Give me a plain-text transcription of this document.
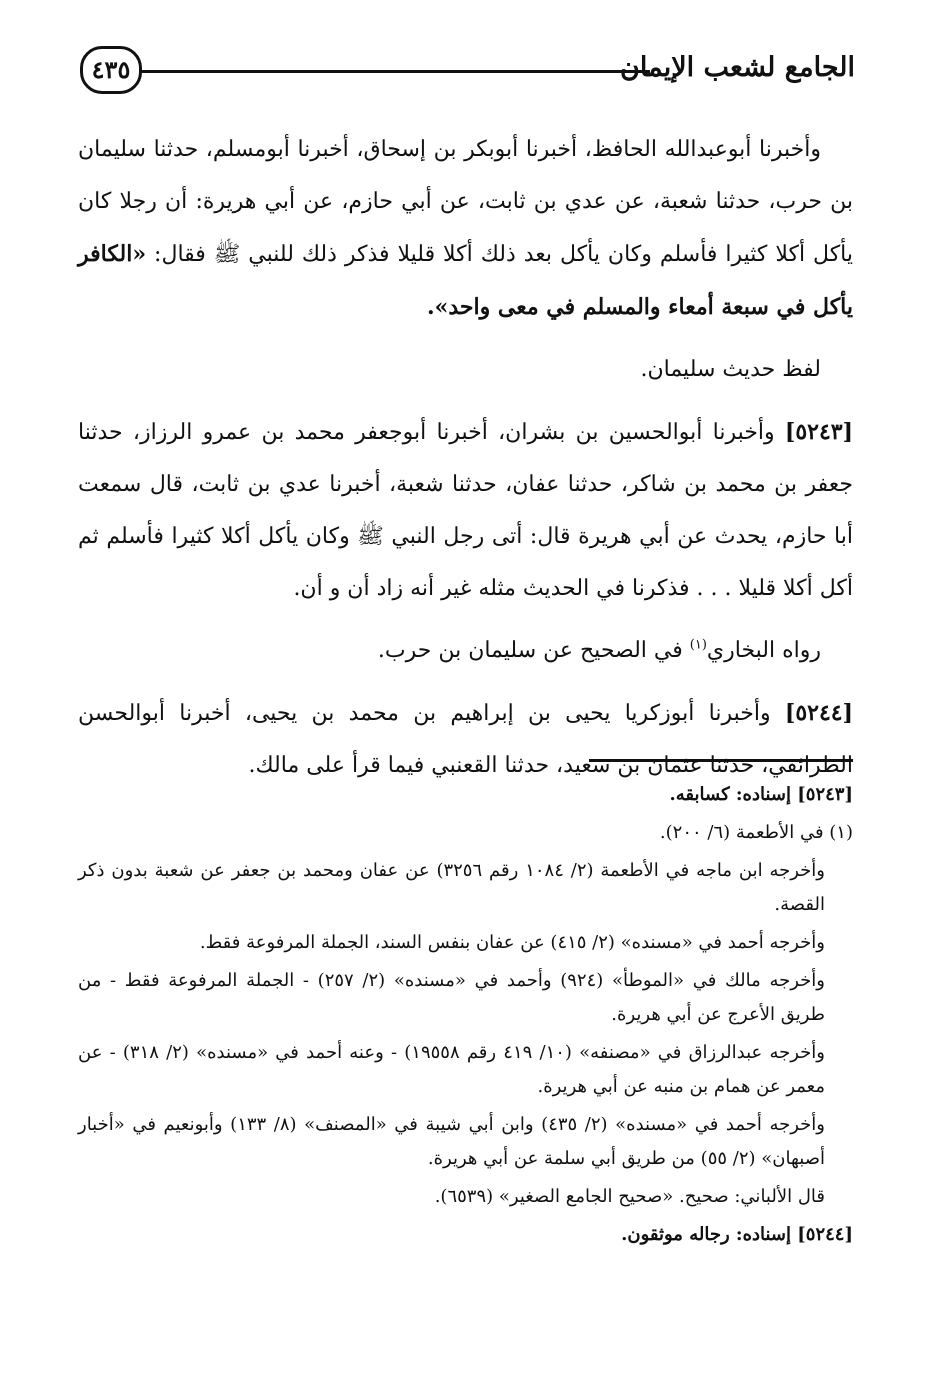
الجامع لشعب الإيمان
٤٣٥

وأخبرنا أبوعبدالله الحافظ، أخبرنا أبوبكر بن إسحاق، أخبرنا أبومسلم، حدثنا سليمان بن حرب، حدثنا شعبة، عن عدي بن ثابت، عن أبي حازم، عن أبي هريرة: أن رجلا كان يأكل أكلا كثيرا فأسلم وكان يأكل بعد ذلك أكلا قليلا فذكر ذلك للنبي ﷺ فقال: «الكافر يأكل في سبعة أمعاء والمسلم في معى واحد».

لفظ حديث سليمان.

[٥٢٤٣] وأخبرنا أبوالحسين بن بشران، أخبرنا أبوجعفر محمد بن عمرو الرزاز، حدثنا جعفر بن محمد بن شاكر، حدثنا عفان، حدثنا شعبة، أخبرنا عدي بن ثابت، قال سمعت أبا حازم، يحدث عن أبي هريرة قال: أتى رجل النبي ﷺ وكان يأكل أكلا كثيرا فأسلم ثم أكل أكلا قليلا . . . فذكرنا في الحديث مثله غير أنه زاد أن و أن.

رواه البخاري$^{(١)}$ في الصحيح عن سليمان بن حرب.

[٥٢٤٤] وأخبرنا أبوزكريا يحيى بن إبراهيم بن محمد بن يحيى، أخبرنا أبوالحسن الطرائفي، حدثنا عثمان بن سعيد، حدثنا القعنبي فيما قرأ على مالك.

[٥٢٤٣] إسناده: كسابقه.

(١) في الأطعمة (٦/ ٢٠٠).

وأخرجه ابن ماجه في الأطعمة (٢/ ١٠٨٤ رقم ٣٢٥٦) عن عفان ومحمد بن جعفر عن شعبة بدون ذكر القصة.

وأخرجه أحمد في «مسنده» (٢/ ٤١٥) عن عفان بنفس السند، الجملة المرفوعة فقط.

وأخرجه مالك في «الموطأ» (٩٢٤) وأحمد في «مسنده» (٢/ ٢٥٧) - الجملة المرفوعة فقط - من طريق الأعرج عن أبي هريرة.

وأخرجه عبدالرزاق في «مصنفه» (١٠/ ٤١٩ رقم ١٩٥٥٨) - وعنه أحمد في «مسنده» (٢/ ٣١٨) - عن معمر عن همام بن منبه عن أبي هريرة.

وأخرجه أحمد في «مسنده» (٢/ ٤٣٥) وابن أبي شيبة في «المصنف» (٨/ ١٣٣) وأبونعيم في «أخبار أصبهان» (٢/ ٥٥) من طريق أبي سلمة عن أبي هريرة.

قال الألباني: صحيح. «صحيح الجامع الصغير» (٦٥٣٩).

[٥٢٤٤] إسناده: رجاله موثقون.
